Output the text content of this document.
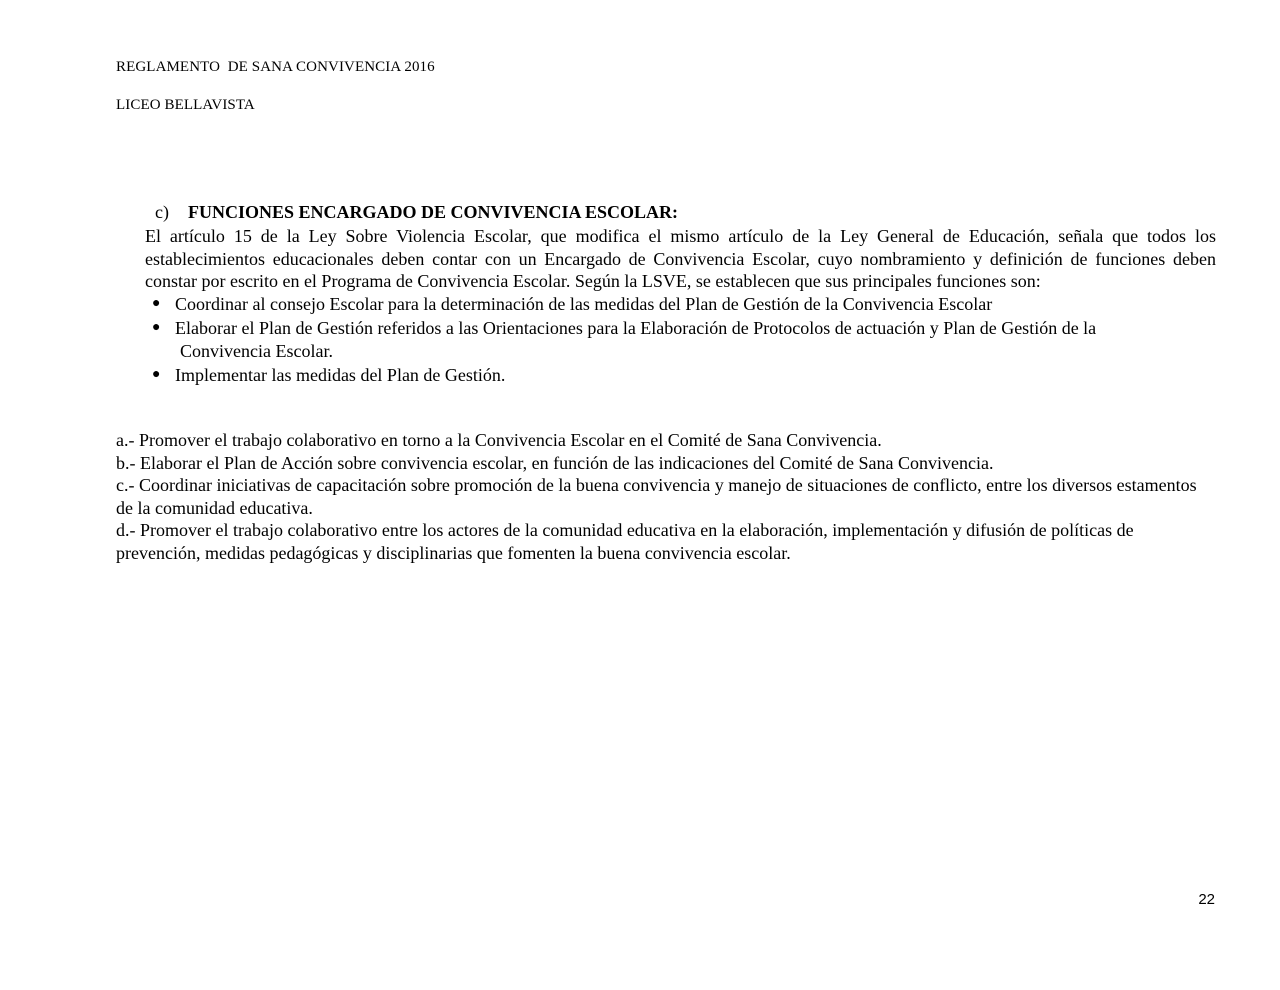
REGLAMENTO  DE SANA CONVIVENCIA 2016
LICEO BELLAVISTA

c) FUNCIONES ENCARGADO DE CONVIVENCIA ESCOLAR:

El artículo 15 de la Ley Sobre Violencia Escolar, que modifica el mismo artículo de la Ley General de Educación, señala que todos los establecimientos educacionales deben contar con un Encargado de Convivencia Escolar, cuyo nombramiento y definición de funciones deben constar por escrito en el Programa de Convivencia Escolar. Según la LSVE, se establecen que sus principales funciones son:

● Coordinar al consejo Escolar para la determinación de las medidas del Plan de Gestión de la Convivencia Escolar
● Elaborar el Plan de Gestión referidos a las Orientaciones para la Elaboración de Protocolos de actuación y Plan de Gestión de la
Convivencia Escolar.
● Implementar las medidas del Plan de Gestión.

a.- Promover el trabajo colaborativo en torno a la Convivencia Escolar en el Comité de Sana Convivencia.

b.- Elaborar el Plan de Acción sobre convivencia escolar, en función de las indicaciones del Comité de Sana Convivencia.

c.- Coordinar iniciativas de capacitación sobre promoción de la buena convivencia y manejo de situaciones de conflicto, entre los diversos estamentos de la comunidad educativa.

d.- Promover el trabajo colaborativo entre los actores de la comunidad educativa en la elaboración, implementación y difusión de políticas de prevención, medidas pedagógicas y disciplinarias que fomenten la buena convivencia escolar.

22
